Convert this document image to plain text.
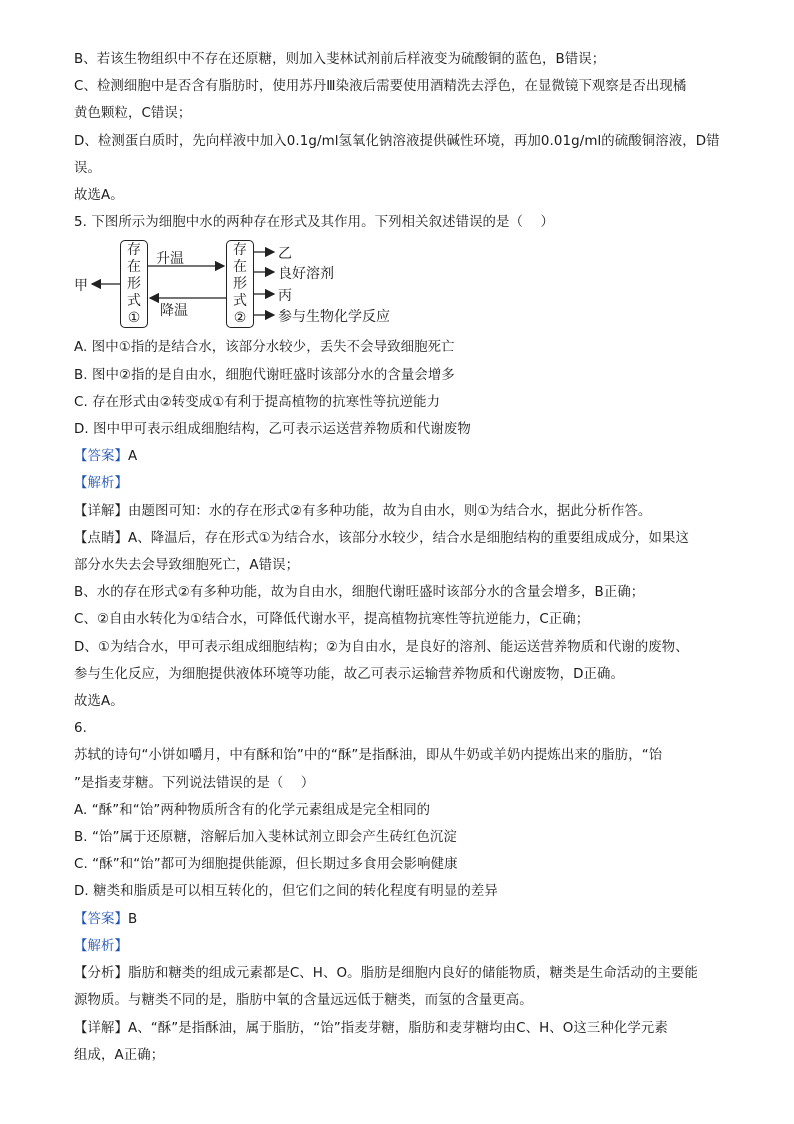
B、若该生物组织中不存在还原糖，则加入斐林试剂前后样液变为硫酸铜的蓝色，B错误；

C、检测细胞中是否含有脂肪时，使用苏丹Ⅲ染液后需要使用酒精洗去浮色，在显微镜下观察是否出现橘

黄色颗粒，C错误；

D、检测蛋白质时，先向样液中加入0.1g/ml氢氧化钠溶液提供碱性环境，再加0.01g/ml的硫酸铜溶液，D错

误。

故选A。

5. 下图所示为细胞中水的两种存在形式及其作用。下列相关叙述错误的是（    ）

甲
存
在
形
式
①
升温
降温
存
在
形
式
②
乙
良好溶剂
丙
参与生物化学反应

A. 图中①指的是结合水，该部分水较少，丢失不会导致细胞死亡

B. 图中②指的是自由水，细胞代谢旺盛时该部分水的含量会增多

C. 存在形式由②转变成①有利于提高植物的抗寒性等抗逆能力

D. 图中甲可表示组成细胞结构，乙可表示运送营养物质和代谢废物

【答案】A

【解析】

【详解】由题图可知：水的存在形式②有多种功能，故为自由水，则①为结合水，据此分析作答。

【点睛】A、降温后，存在形式①为结合水，该部分水较少，结合水是细胞结构的重要组成成分，如果这

部分水失去会导致细胞死亡，A错误；

B、水的存在形式②有多种功能，故为自由水，细胞代谢旺盛时该部分水的含量会增多，B正确；

C、②自由水转化为①结合水，可降低代谢水平，提高植物抗寒性等抗逆能力，C正确；

D、①为结合水，甲可表示组成细胞结构；②为自由水，是良好的溶剂、能运送营养物质和代谢的废物、

参与生化反应，为细胞提供液体环境等功能，故乙可表示运输营养物质和代谢废物，D正确。

故选A。

6.

苏轼的诗句“小饼如嚼月，中有酥和饴”中的“酥”是指酥油，即从牛奶或羊奶内提炼出来的脂肪，“饴

”是指麦芽糖。下列说法错误的是（    ）

A. “酥”和“饴”两种物质所含有的化学元素组成是完全相同的

B. “饴”属于还原糖，溶解后加入斐林试剂立即会产生砖红色沉淀

C. “酥”和“饴”都可为细胞提供能源，但长期过多食用会影响健康

D. 糖类和脂质是可以相互转化的，但它们之间的转化程度有明显的差异

【答案】B

【解析】

【分析】脂肪和糖类的组成元素都是C、H、O。脂肪是细胞内良好的储能物质，糖类是生命活动的主要能

源物质。与糖类不同的是，脂肪中氧的含量远远低于糖类，而氢的含量更高。

【详解】A、“酥”是指酥油，属于脂肪，“饴”指麦芽糖，脂肪和麦芽糖均由C、H、O这三种化学元素

组成，A正确；
